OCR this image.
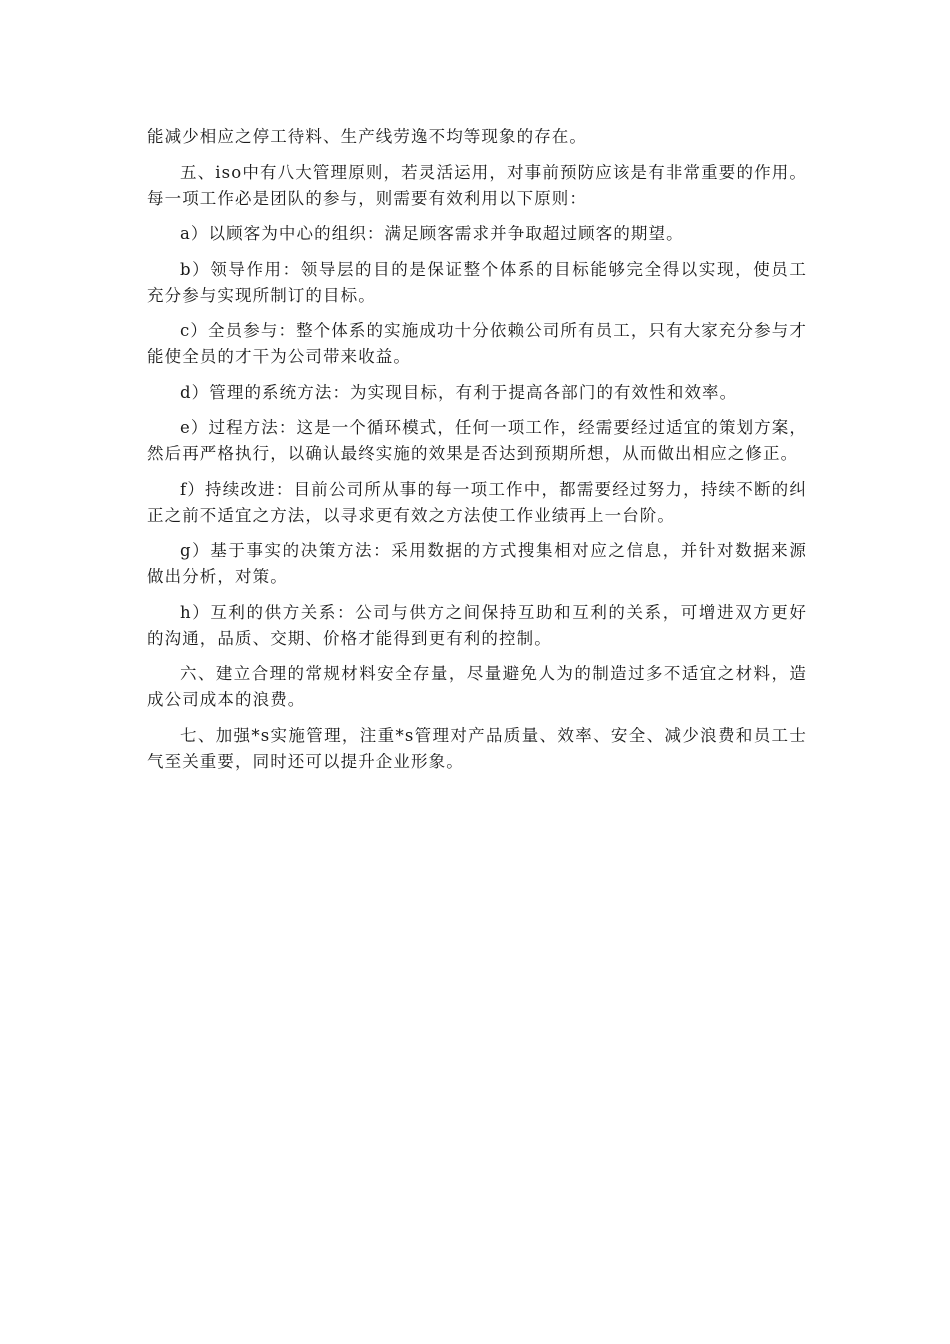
能减少相应之停工待料、生产线劳逸不均等现象的存在。

五、iso中有八大管理原则，若灵活运用，对事前预防应该是有非常重要的作用。每一项工作必是团队的参与，则需要有效利用以下原则：

a）以顾客为中心的组织：满足顾客需求并争取超过顾客的期望。

b）领导作用：领导层的目的是保证整个体系的目标能够完全得以实现，使员工充分参与实现所制订的目标。

c）全员参与：整个体系的实施成功十分依赖公司所有员工，只有大家充分参与才能使全员的才干为公司带来收益。

d）管理的系统方法：为实现目标，有利于提高各部门的有效性和效率。

e）过程方法：这是一个循环模式，任何一项工作，经需要经过适宜的策划方案，然后再严格执行，以确认最终实施的效果是否达到预期所想，从而做出相应之修正。

f）持续改进：目前公司所从事的每一项工作中，都需要经过努力，持续不断的纠正之前不适宜之方法，以寻求更有效之方法使工作业绩再上一台阶。

g）基于事实的决策方法：采用数据的方式搜集相对应之信息，并针对数据来源做出分析，对策。

h）互利的供方关系：公司与供方之间保持互助和互利的关系，可增进双方更好的沟通，品质、交期、价格才能得到更有利的控制。

六、建立合理的常规材料安全存量，尽量避免人为的制造过多不适宜之材料，造成公司成本的浪费。

七、加强*s实施管理，注重*s管理对产品质量、效率、安全、减少浪费和员工士气至关重要，同时还可以提升企业形象。
